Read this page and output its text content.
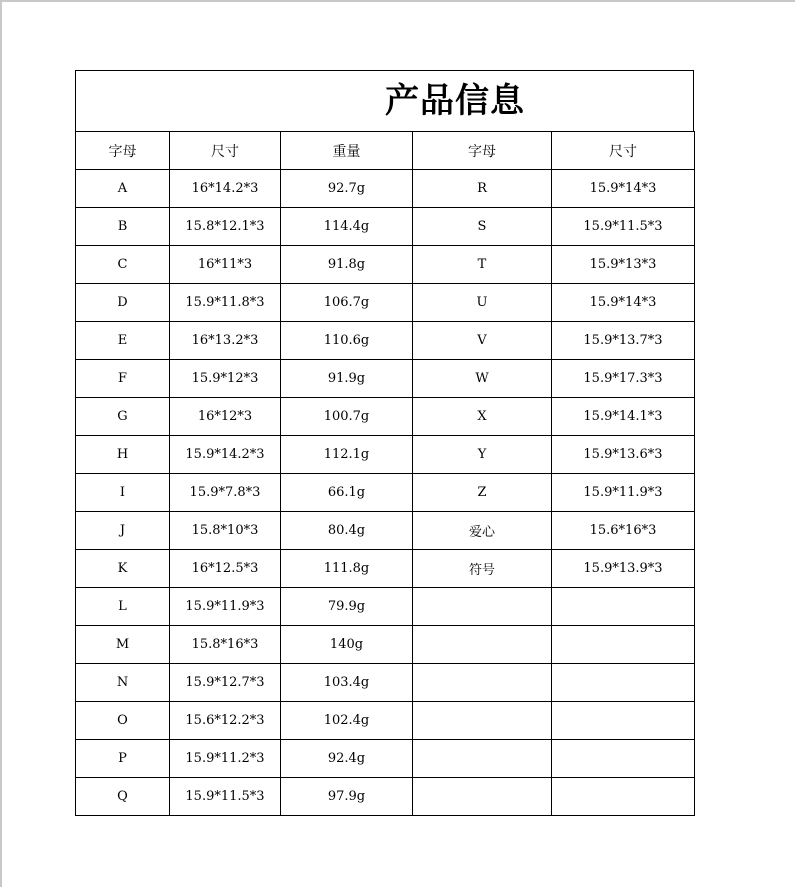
产品信息
字母	尺寸	重量	字母	尺寸
A	16*14.2*3	92.7g	R	15.9*14*3
B	15.8*12.1*3	114.4g	S	15.9*11.5*3
C	16*11*3	91.8g	T	15.9*13*3
D	15.9*11.8*3	106.7g	U	15.9*14*3
E	16*13.2*3	110.6g	V	15.9*13.7*3
F	15.9*12*3	91.9g	W	15.9*17.3*3
G	16*12*3	100.7g	X	15.9*14.1*3
H	15.9*14.2*3	112.1g	Y	15.9*13.6*3
I	15.9*7.8*3	66.1g	Z	15.9*11.9*3
J	15.8*10*3	80.4g	爱心	15.6*16*3
K	16*12.5*3	111.8g	符号	15.9*13.9*3
L	15.9*11.9*3	79.9g		
M	15.8*16*3	140g		
N	15.9*12.7*3	103.4g		
O	15.6*12.2*3	102.4g		
P	15.9*11.2*3	92.4g		
Q	15.9*11.5*3	97.9g		
